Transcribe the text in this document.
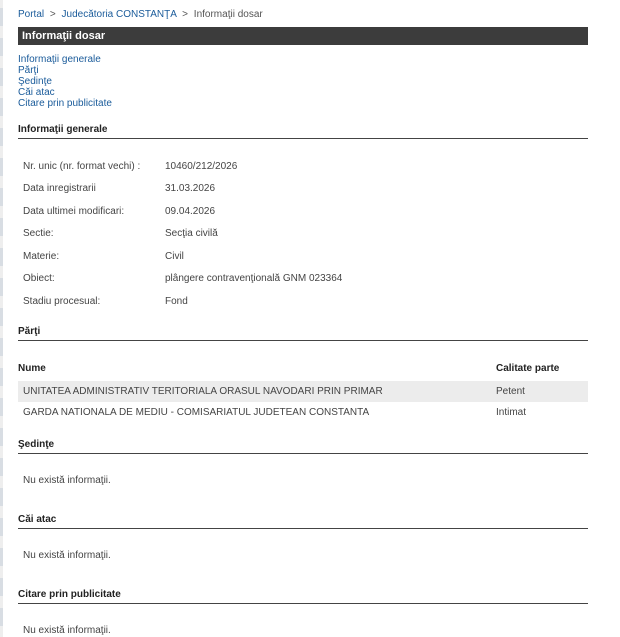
Portal > Judecătoria CONSTANŢA > Informaţii dosar
Informaţii dosar
Informaţii generale
Părţi
Şedinţe
Căi atac
Citare prin publicitate
Informaţii generale
Nr. unic (nr. format vechi) : 10460/212/2026
Data inregistrarii	31.03.2026
Data ultimei modificari:	09.04.2026
Sectie:	Secţia civilă
Materie:	Civil
Obiect:	plângere contravenţională GNM 023364
Stadiu procesual:	Fond
Părţi
Nume	Calitate parte
UNITATEA ADMINISTRATIV TERITORIALA ORASUL NAVODARI PRIN PRIMAR	Petent
GARDA NATIONALA DE MEDIU - COMISARIATUL JUDETEAN CONSTANTA	Intimat
Şedinţe
Nu există informaţii.
Căi atac
Nu există informaţii.
Citare prin publicitate
Nu există informaţii.
